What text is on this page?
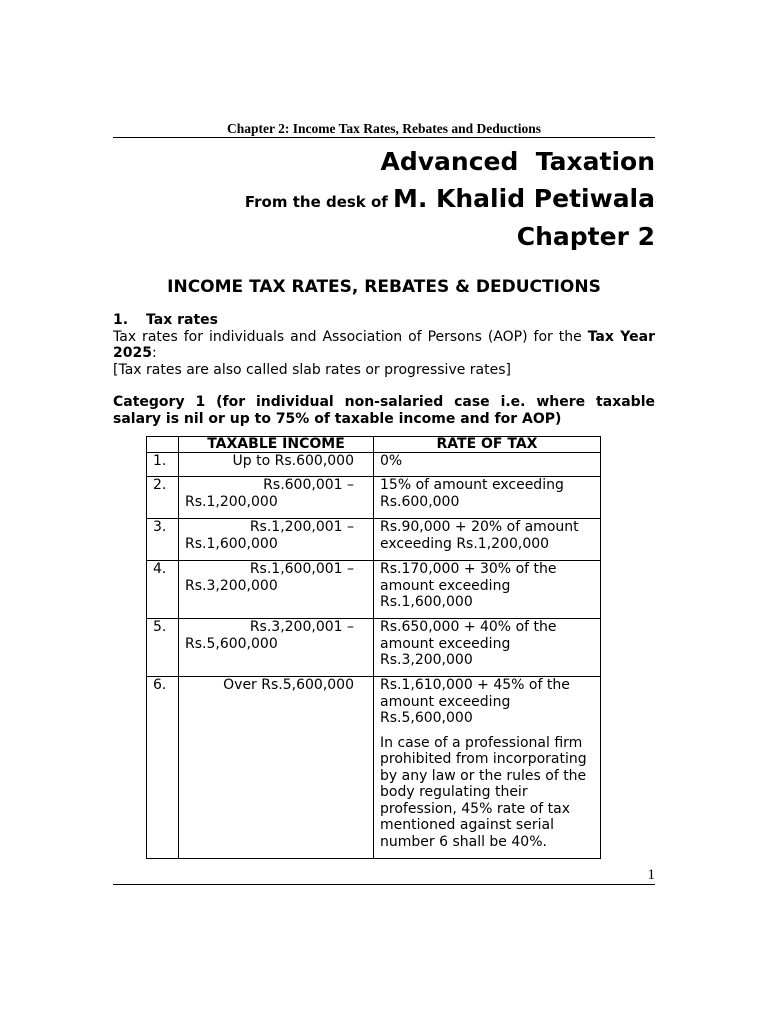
Chapter 2: Income Tax Rates, Rebates and Deductions
Advanced  Taxation
From the desk of M. Khalid Petiwala
Chapter 2
INCOME TAX RATES, REBATES & DEDUCTIONS
1. Tax rates
Tax rates for individuals and Association of Persons (AOP) for the Tax Year 2025:
[Tax rates are also called slab rates or progressive rates]
Category 1 (for individual non-salaried case i.e. where taxable salary is nil or up to 75% of taxable income and for AOP)
	TAXABLE INCOME	RATE OF TAX
1.	Up to Rs.600,000	0%

2.	Rs.600,001 –
Rs.1,200,000	15% of amount exceeding Rs.600,000

3.	Rs.1,200,001 –
Rs.1,600,000	Rs.90,000 + 20% of amount exceeding Rs.1,200,000

4.	Rs.1,600,001 –
Rs.3,200,000	Rs.170,000 + 30% of the amount exceeding Rs.1,600,000

5.	Rs.3,200,001 –
Rs.5,600,000	Rs.650,000 + 40% of the amount exceeding Rs.3,200,000

6.	Over Rs.5,600,000	Rs.1,610,000 + 45% of the amount exceeding Rs.5,600,000

In case of a professional firm prohibited from incorporating by any law or the rules of the body regulating their profession, 45% rate of tax mentioned against serial number 6 shall be 40%.

1
